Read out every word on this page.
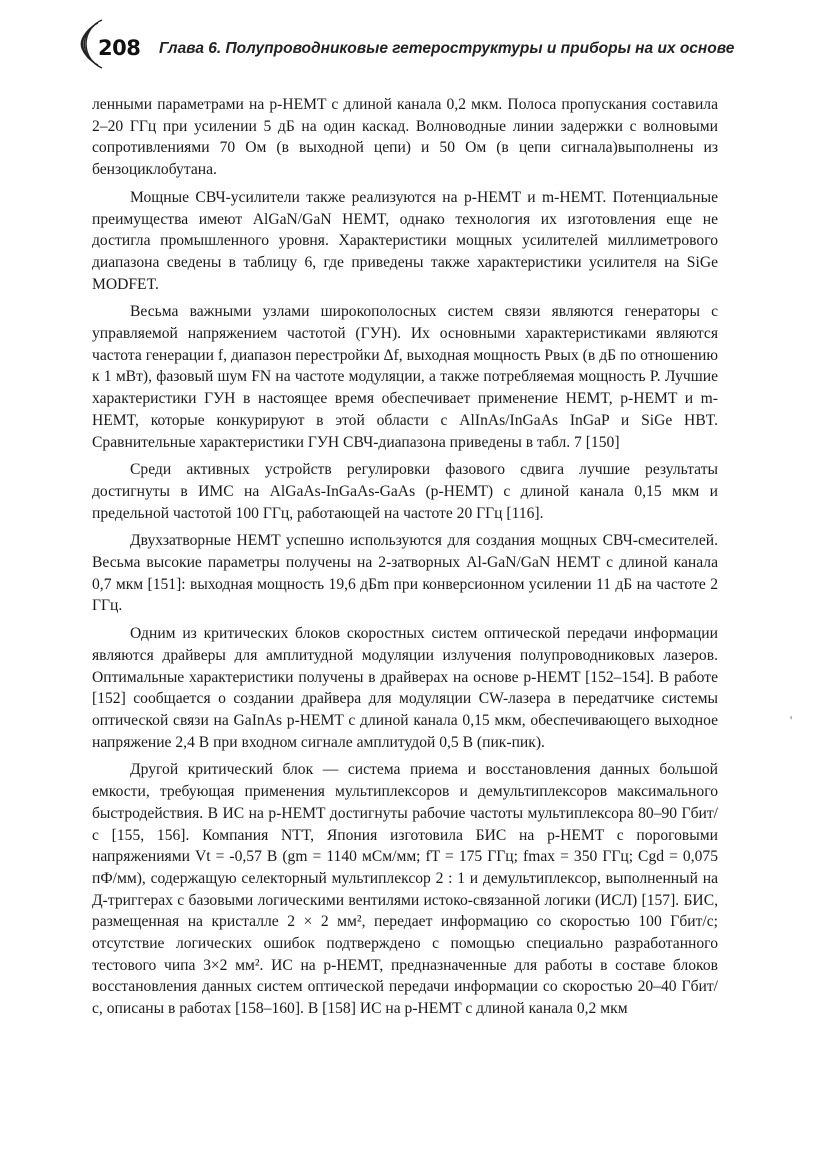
208 Глава 6. Полупроводниковые гетероструктуры и приборы на их основе

ленными параметрами на p-HEMT с длиной канала 0,2 мкм. Полоса пропускания составила 2–20 ГГц при усилении 5 дБ на один каскад. Волноводные линии задержки с волновыми сопротивлениями 70 Ом (в выходной цепи) и 50 Ом (в цепи сигнала)выполнены из бензоциклобутана.

Мощные СВЧ-усилители также реализуются на p-HEMT и m-HEMT. Потенциальные преимущества имеют AlGaN/GaN HEMT, однако технология их изготовления еще не достигла промышленного уровня. Характеристики мощных усилителей миллиметрового диапазона сведены в таблицу 6, где приведены также характеристики усилителя на SiGe MODFET.

Весьма важными узлами широкополосных систем связи являются генераторы с управляемой напряжением частотой (ГУН). Их основными характеристиками являются частота генерации f, диапазон перестройки Δf, выходная мощность Pвых (в дБ по отношению к 1 мВт), фазовый шум FN на частоте модуляции, а также потребляемая мощность P. Лучшие характеристики ГУН в настоящее время обеспечивает применение HEMT, p-HEMT и m-HEMT, которые конкурируют в этой области с AlInAs/InGaAs InGaP и SiGe HBT. Сравнительные характеристики ГУН СВЧ-диапазона приведены в табл. 7 [150]

Среди активных устройств регулировки фазового сдвига лучшие результаты достигнуты в ИМС на AlGaAs-InGaAs-GaAs (p-HEMT) с длиной канала 0,15 мкм и предельной частотой 100 ГГц, работающей на частоте 20 ГГц [116].

Двухзатворные HEMT успешно используются для создания мощных СВЧ-смесителей. Весьма высокие параметры получены на 2-затворных Al-GaN/GaN HEMT с длиной канала 0,7 мкм [151]: выходная мощность 19,6 дБm при конверсионном усилении 11 дБ на частоте 2 ГГц.

Одним из критических блоков скоростных систем оптической передачи информации являются драйверы для амплитудной модуляции излучения полупроводниковых лазеров. Оптимальные характеристики получены в драйверах на основе p-HEMT [152–154]. В работе [152] сообщается о создании драйвера для модуляции CW-лазера в передатчике системы оптической связи на GaInAs p-HEMT с длиной канала 0,15 мкм, обеспечивающего выходное напряжение 2,4 В при входном сигнале амплитудой 0,5 В (пик-пик).

Другой критический блок — система приема и восстановления данных большой емкости, требующая применения мультиплексоров и демультиплексоров максимального быстродействия. В ИС на p-HEMT достигнуты рабочие частоты мультиплексора 80–90 Гбит/с [155, 156]. Компания NTT, Япония изготовила БИС на p-HEMT с пороговыми напряжениями Vt = -0,57 В (gm = 1140 мСм/мм; fT = 175 ГГц; fmax = 350 ГГц; Cgd = 0,075 пФ/мм), содержащую селекторный мультиплексор 2 : 1 и демультиплексор, выполненный на Д-триггерах с базовыми логическими вентилями истоко-связанной логики (ИСЛ) [157]. БИС, размещенная на кристалле 2 × 2 мм², передает информацию со скоростью 100 Гбит/с; отсутствие логических ошибок подтверждено с помощью специально разработанного тестового чипа 3×2 мм². ИС на p-HEMT, предназначенные для работы в составе блоков восстановления данных систем оптической передачи информации со скоростью 20–40 Гбит/с, описаны в работах [158–160]. В [158] ИС на p-HEMT с длиной канала 0,2 мкм

'
